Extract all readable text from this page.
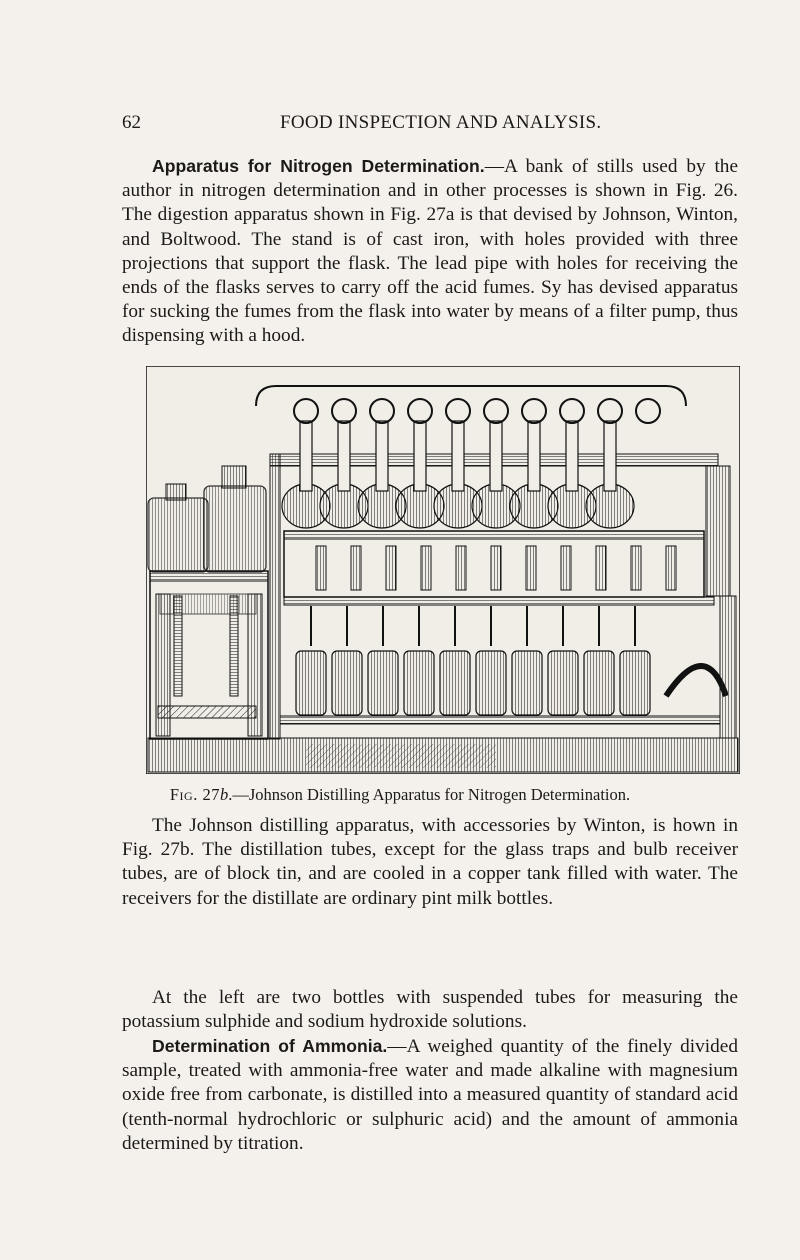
62	FOOD INSPECTION AND ANALYSIS.

Apparatus for Nitrogen Determination.—A bank of stills used by the author in nitrogen determination and in other processes is shown in Fig. 26. The digestion apparatus shown in Fig. 27a is that devised by Johnson, Winton, and Boltwood. The stand is of cast iron, with holes provided with three projections that support the flask. The lead pipe with holes for receiving the ends of the flasks serves to carry off the acid fumes. Sy has devised apparatus for sucking the fumes from the flask into water by means of a filter pump, thus dispensing with a hood.

Fig. 27b.—Johnson Distilling Apparatus for Nitrogen Determination.

The Johnson distilling apparatus, with accessories by Winton, is hown in Fig. 27b. The distillation tubes, except for the glass traps and bulb receiver tubes, are of block tin, and are cooled in a copper tank filled with water. The receivers for the distillate are ordinary pint milk bottles.

At the left are two bottles with suspended tubes for measuring the potassium sulphide and sodium hydroxide solutions.

Determination of Ammonia.—A weighed quantity of the finely divided sample, treated with ammonia-free water and made alkaline with magnesium oxide free from carbonate, is distilled into a measured quantity of standard acid (tenth-normal hydrochloric or sulphuric acid) and the amount of ammonia determined by titration.
